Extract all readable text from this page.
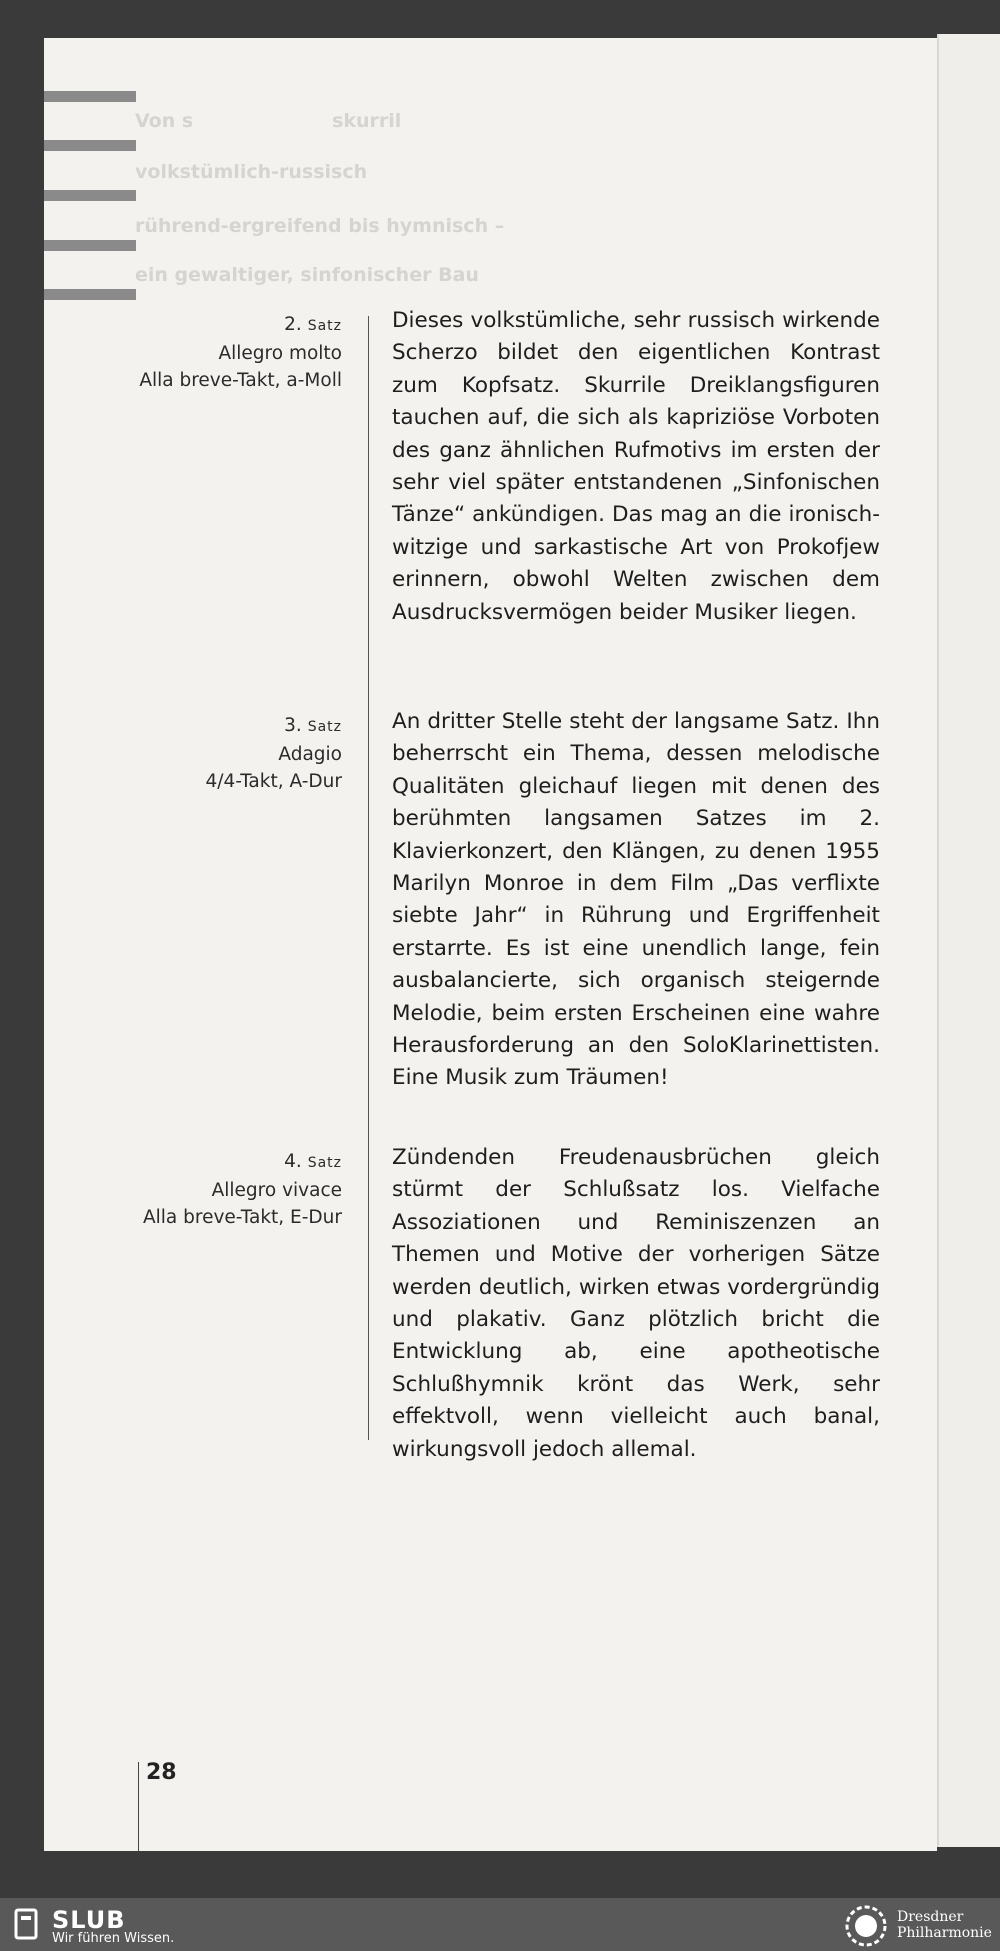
Von s                     skurril
volkstümlich-russisch
rührend-ergreifend bis hymnisch –
ein gewaltiger, sinfonischer Bau
2. Satz
Allegro molto
Alla breve-Takt, a-Moll
Dieses volkstümliche, sehr russisch wirkende Scherzo bildet den eigentlichen Kontrast zum Kopfsatz. Skurrile Dreiklangsfiguren tauchen auf, die sich als kapriziöse Vorboten des ganz ähnlichen Rufmotivs im ersten der sehr viel später entstandenen „Sinfonischen Tänze“ ankündigen. Das mag an die ironisch-witzige und sarkastische Art von Prokofjew erinnern, obwohl Welten zwischen dem Ausdrucksvermögen beider Musiker liegen.
3. Satz
Adagio
4/4-Takt, A-Dur
An dritter Stelle steht der langsame Satz. Ihn beherrscht ein Thema, dessen melodische Qualitäten gleichauf liegen mit denen des berühmten langsamen Satzes im 2. Klavierkonzert, den Klängen, zu denen 1955 Marilyn Monroe in dem Film „Das verflixte siebte Jahr“ in Rührung und Ergriffenheit erstarrte. Es ist eine unendlich lange, fein ausbalancierte, sich organisch steigernde Melodie, beim ersten Erscheinen eine wahre Herausforderung an den SoloKlarinettisten. Eine Musik zum Träumen!
4. Satz
Allegro vivace
Alla breve-Takt, E-Dur
Zündenden Freudenausbrüchen gleich stürmt der Schlußsatz los. Vielfache Assoziationen und Reminiszenzen an Themen und Motive der vorherigen Sätze werden deutlich, wirken etwas vordergründig und plakativ. Ganz plötzlich bricht die Entwicklung ab, eine apotheotische Schlußhymnik krönt das Werk, sehr effektvoll, wenn vielleicht auch banal, wirkungsvoll jedoch allemal.
28
SLUB
Wir führen Wissen.
Dresdner
Philharmonie
